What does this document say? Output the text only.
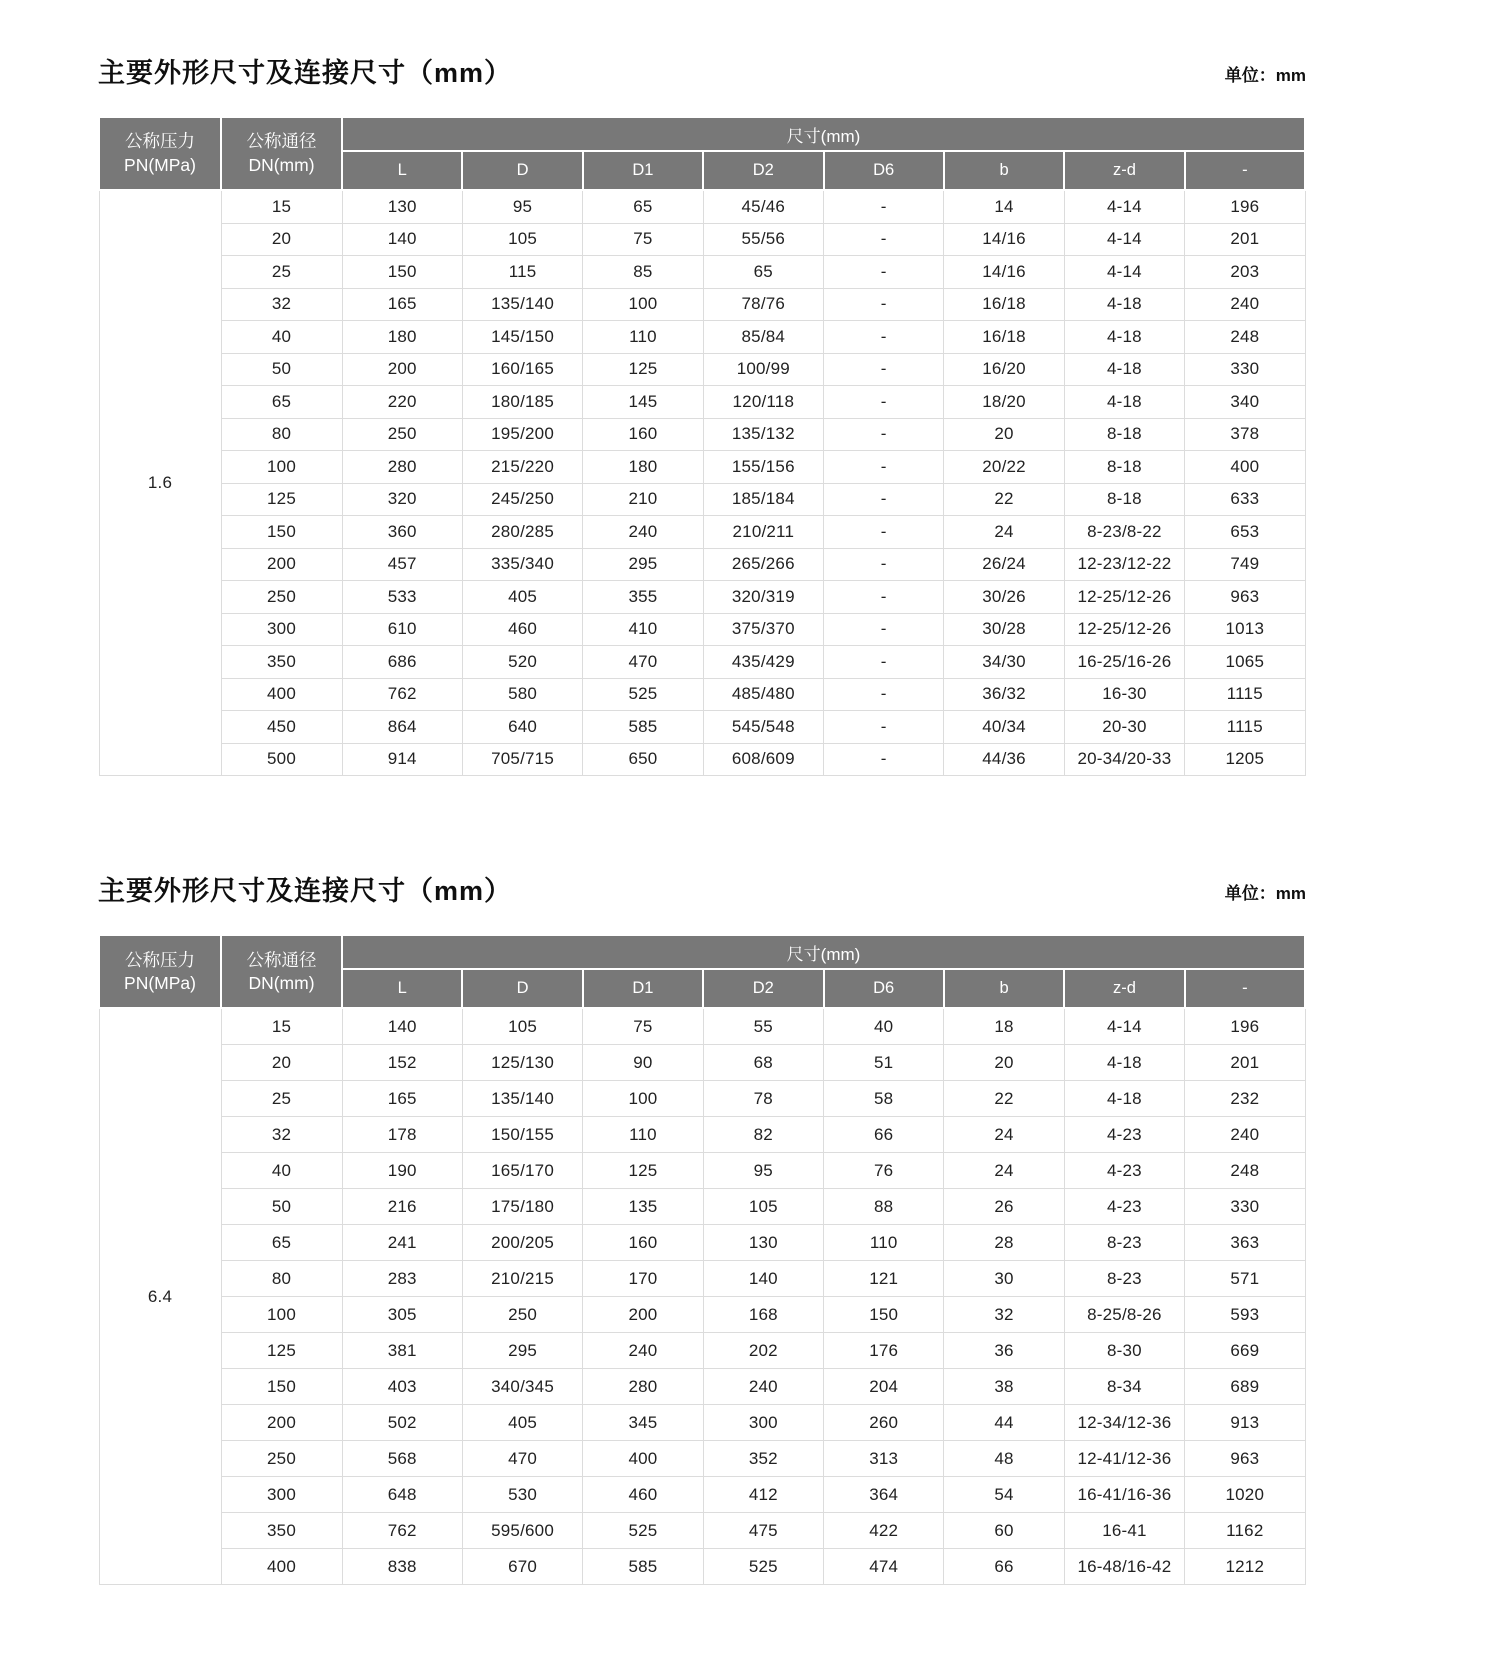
主要外形尺寸及连接尺寸（mm）	单位：mm
公称压力
PN(MPa)	公称通径
DN(mm)	尺寸(mm)							
		L	D	D1	D2	D6	b	z-d	-
1.6	15	130	95	65	45/46	-	14	4-14	196
	20	140	105	75	55/56	-	14/16	4-14	201
	25	150	115	85	65	-	14/16	4-14	203
	32	165	135/140	100	78/76	-	16/18	4-18	240
	40	180	145/150	110	85/84	-	16/18	4-18	248
	50	200	160/165	125	100/99	-	16/20	4-18	330
	65	220	180/185	145	120/118	-	18/20	4-18	340
	80	250	195/200	160	135/132	-	20	8-18	378
	100	280	215/220	180	155/156	-	20/22	8-18	400
	125	320	245/250	210	185/184	-	22	8-18	633
	150	360	280/285	240	210/211	-	24	8-23/8-22	653
	200	457	335/340	295	265/266	-	26/24	12-23/12-22	749
	250	533	405	355	320/319	-	30/26	12-25/12-26	963
	300	610	460	410	375/370	-	30/28	12-25/12-26	1013
	350	686	520	470	435/429	-	34/30	16-25/16-26	1065
	400	762	580	525	485/480	-	36/32	16-30	1115
	450	864	640	585	545/548	-	40/34	20-30	1115
	500	914	705/715	650	608/609	-	44/36	20-34/20-33	1205
主要外形尺寸及连接尺寸（mm）	单位：mm
公称压力
PN(MPa)	公称通径
DN(mm)	尺寸(mm)							
		L	D	D1	D2	D6	b	z-d	-
6.4	15	140	105	75	55	40	18	4-14	196
	20	152	125/130	90	68	51	20	4-18	201
	25	165	135/140	100	78	58	22	4-18	232
	32	178	150/155	110	82	66	24	4-23	240
	40	190	165/170	125	95	76	24	4-23	248
	50	216	175/180	135	105	88	26	4-23	330
	65	241	200/205	160	130	110	28	8-23	363
	80	283	210/215	170	140	121	30	8-23	571
	100	305	250	200	168	150	32	8-25/8-26	593
	125	381	295	240	202	176	36	8-30	669
	150	403	340/345	280	240	204	38	8-34	689
	200	502	405	345	300	260	44	12-34/12-36	913
	250	568	470	400	352	313	48	12-41/12-36	963
	300	648	530	460	412	364	54	16-41/16-36	1020
	350	762	595/600	525	475	422	60	16-41	1162
	400	838	670	585	525	474	66	16-48/16-42	1212
